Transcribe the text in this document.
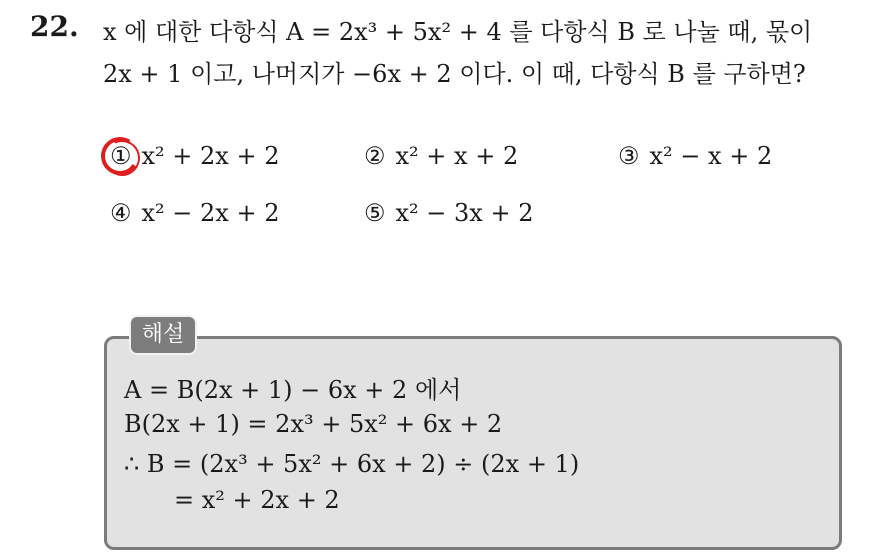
22. x 에 대한 다항식 A = 2x³ + 5x² + 4 를 다항식 B 로 나눌 때, 몫이
2x + 1 이고, 나머지가 −6x + 2 이다. 이 때, 다항식 B 를 구하면?
① x² + 2x + 2	② x² + x + 2	③ x² − x + 2
④ x² − 2x + 2	⑤ x² − 3x + 2
해설
A = B(2x + 1) − 6x + 2 에서
B(2x + 1) = 2x³ + 5x² + 6x + 2
∴ B = (2x³ + 5x² + 6x + 2) ÷ (2x + 1)
= x² + 2x + 2
